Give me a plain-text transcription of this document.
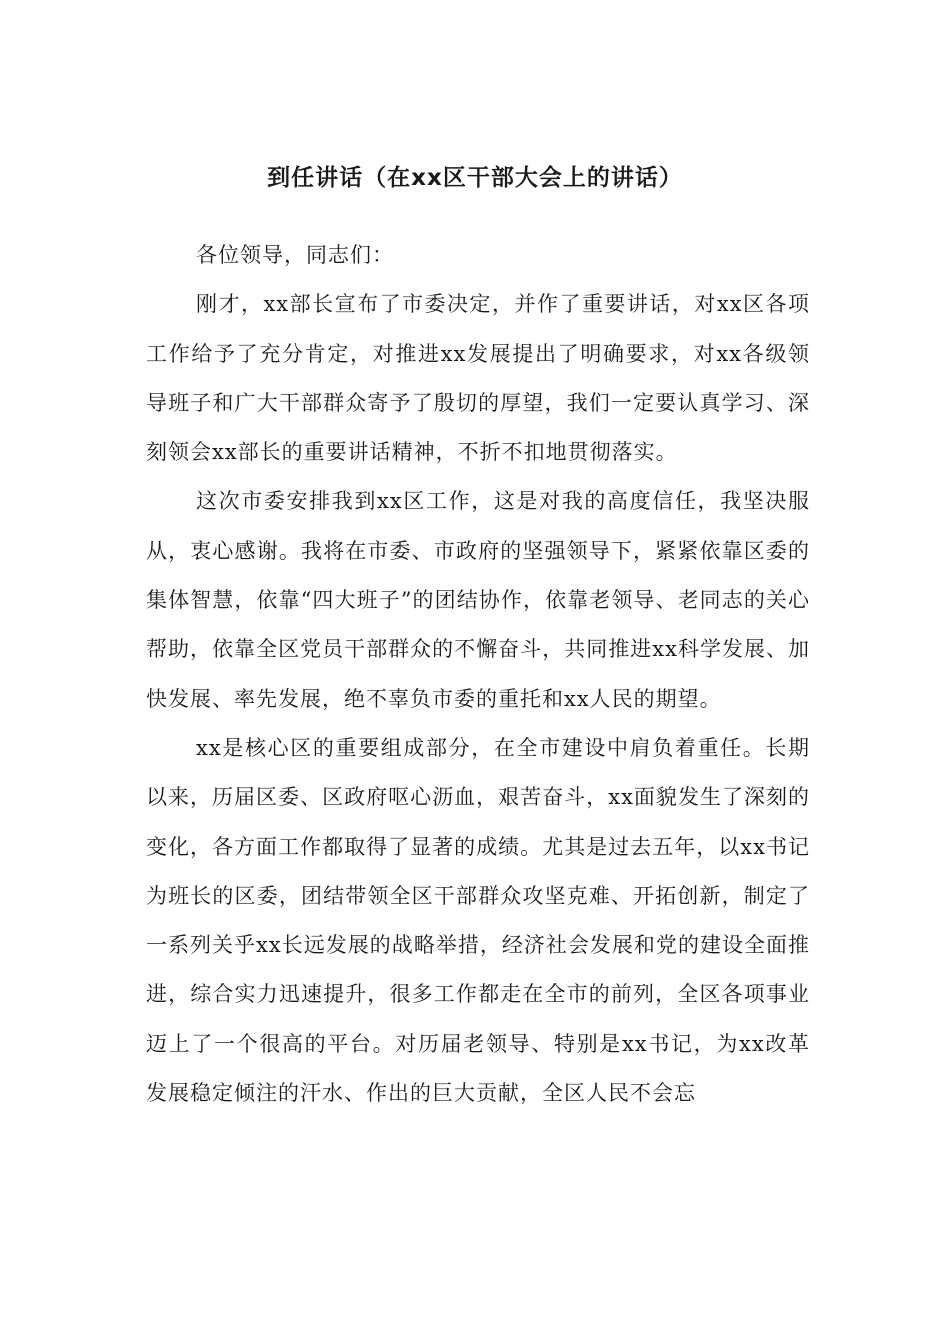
到任讲话（在xx区干部大会上的讲话）

各位领导，同志们：

刚才，xx部长宣布了市委决定，并作了重要讲话，对xx区各项工作给予了充分肯定，对推进xx发展提出了明确要求，对xx各级领导班子和广大干部群众寄予了殷切的厚望，我们一定要认真学习、深刻领会xx部长的重要讲话精神，不折不扣地贯彻落实。

这次市委安排我到xx区工作，这是对我的高度信任，我坚决服从，衷心感谢。我将在市委、市政府的坚强领导下，紧紧依靠区委的集体智慧，依靠“四大班子”的团结协作，依靠老领导、老同志的关心帮助，依靠全区党员干部群众的不懈奋斗，共同推进xx科学发展、加快发展、率先发展，绝不辜负市委的重托和xx人民的期望。

xx是核心区的重要组成部分，在全市建设中肩负着重任。长期以来，历届区委、区政府呕心沥血，艰苦奋斗，xx面貌发生了深刻的变化，各方面工作都取得了显著的成绩。尤其是过去五年，以xx书记为班长的区委，团结带领全区干部群众攻坚克难、开拓创新，制定了一系列关乎xx长远发展的战略举措，经济社会发展和党的建设全面推进，综合实力迅速提升，很多工作都走在全市的前列，全区各项事业迈上了一个很高的平台。对历届老领导、特别是xx书记，为xx改革发展稳定倾注的汗水、作出的巨大贡献，全区人民不会忘
